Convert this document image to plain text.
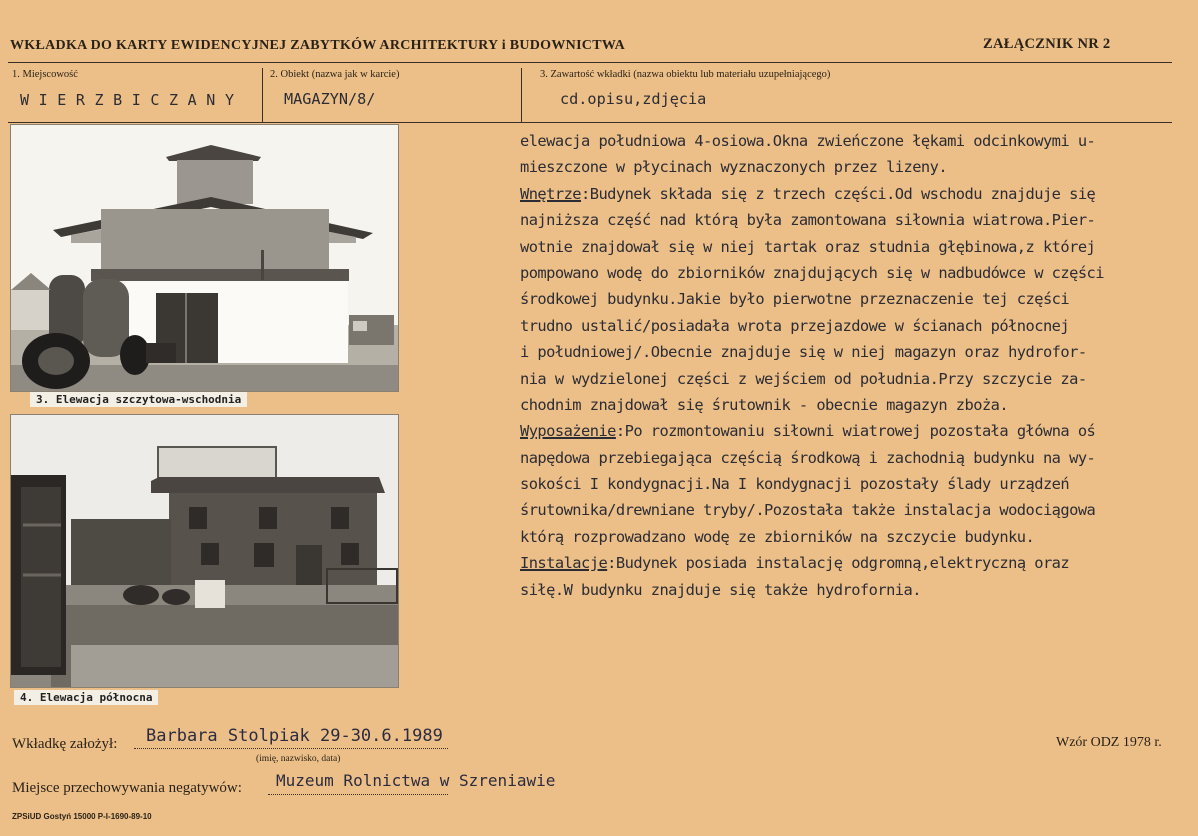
WKŁADKA DO KARTY EWIDENCYJNEJ ZABYTKÓW ARCHITEKTURY i BUDOWNICTWA	ZAŁĄCZNIK NR 2
1. Miejscowość
WIERZBICZANY
2. Obiekt (nazwa jak w karcie)
MAGAZYN/8/
3. Zawartość wkładki (nazwa obiektu lub materiału uzupełniającego)
cd.opisu,zdjęcia
3. Elewacja szczytowa-wschodnia
4. Elewacja północna
elewacja południowa 4-osiowa.Okna zwieńczone łękami odcinkowymi u-
mieszczone w płycinach wyznaczonych przez lizeny.
Wnętrze:Budynek składa się z trzech części.Od wschodu znajduje się
najniższa część nad którą była zamontowana siłownia wiatrowa.Pier-
wotnie znajdował się w niej tartak oraz studnia głębinowa,z której
pompowano wodę do zbiorników znajdujących się w nadbudówce w części
środkowej budynku.Jakie było pierwotne przeznaczenie tej części
trudno ustalić/posiadała wrota przejazdowe w ścianach północnej
i południowej/.Obecnie znajduje się w niej magazyn oraz hydrofor-
nia w wydzielonej części z wejściem od południa.Przy szczycie za-
chodnim znajdował się śrutownik - obecnie magazyn zboża.
Wyposażenie:Po rozmontowaniu siłowni wiatrowej pozostała główna oś
napędowa przebiegająca częścią środkową i zachodnią budynku na wy-
sokości I kondygnacji.Na I kondygnacji pozostały ślady urządzeń
śrutownika/drewniane tryby/.Pozostała także instalacja wodociągowa
którą rozprowadzano wodę ze zbiorników na szczycie budynku.
Instalacje:Budynek posiada instalację odgromną,elektryczną oraz
siłę.W budynku znajduje się także hydrofornia.
Wkładkę założył: Barbara Stolpiak 29-30.6.1989
(imię, nazwisko, data)
Wzór ODZ 1978 r.
Miejsce przechowywania negatywów: Muzeum Rolnictwa w Szreniawie
ZPSiUD Gostyń 15000 P-I-1690-89-10
